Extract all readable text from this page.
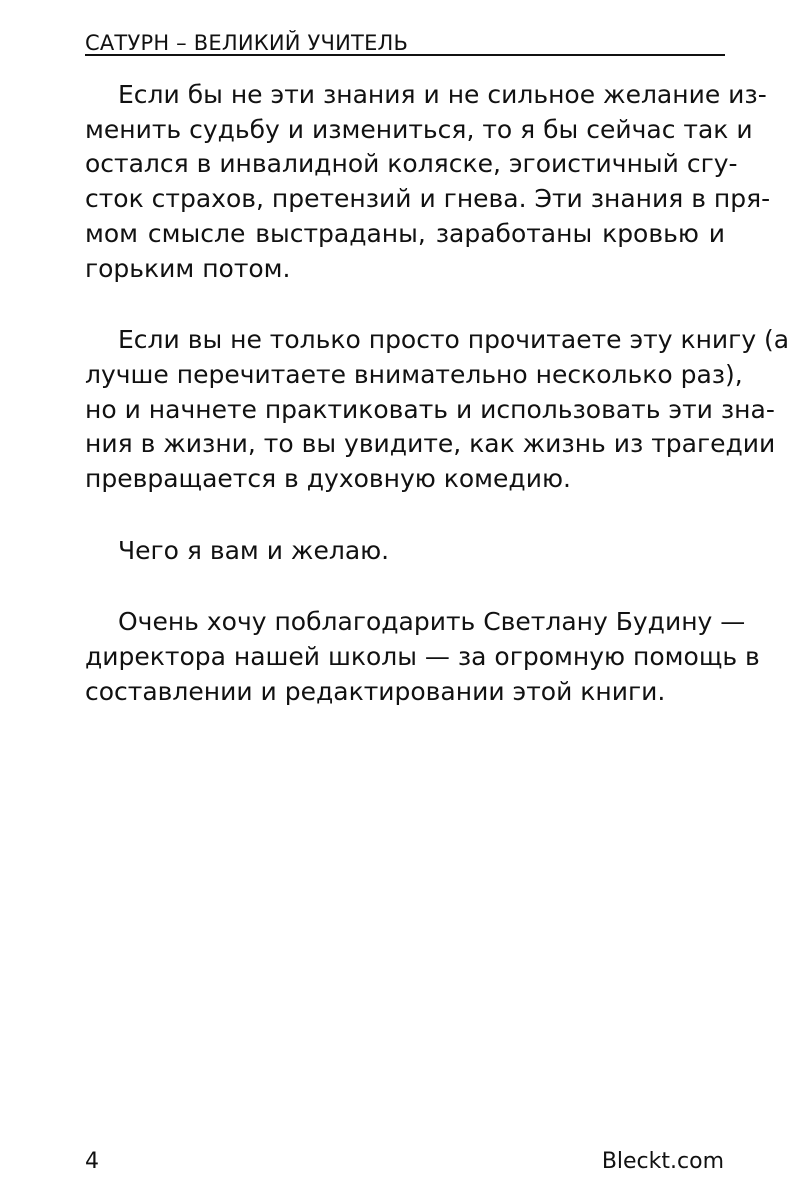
САТУРН – ВЕЛИКИЙ УЧИТЕЛЬ

Если бы не эти знания и не сильное желание из-
менить судьбу и измениться, то я бы сейчас так и
остался в инвалидной коляске, эгоистичный сгу-
сток страхов, претензий и гнева. Эти знания в пря-
мом смысле выстраданы, заработаны кровью и
горьким потом.

Если вы не только просто прочитаете эту книгу (а
лучше перечитаете внимательно несколько раз),
но и начнете практиковать и использовать эти зна-
ния в жизни, то вы увидите, как жизнь из трагедии
превращается в духовную комедию.

Чего я вам и желаю.

Очень хочу поблагодарить Светлану Будину —
директора нашей школы — за огромную помощь в
составлении и редактировании этой книги.

4	Bleckt.com
